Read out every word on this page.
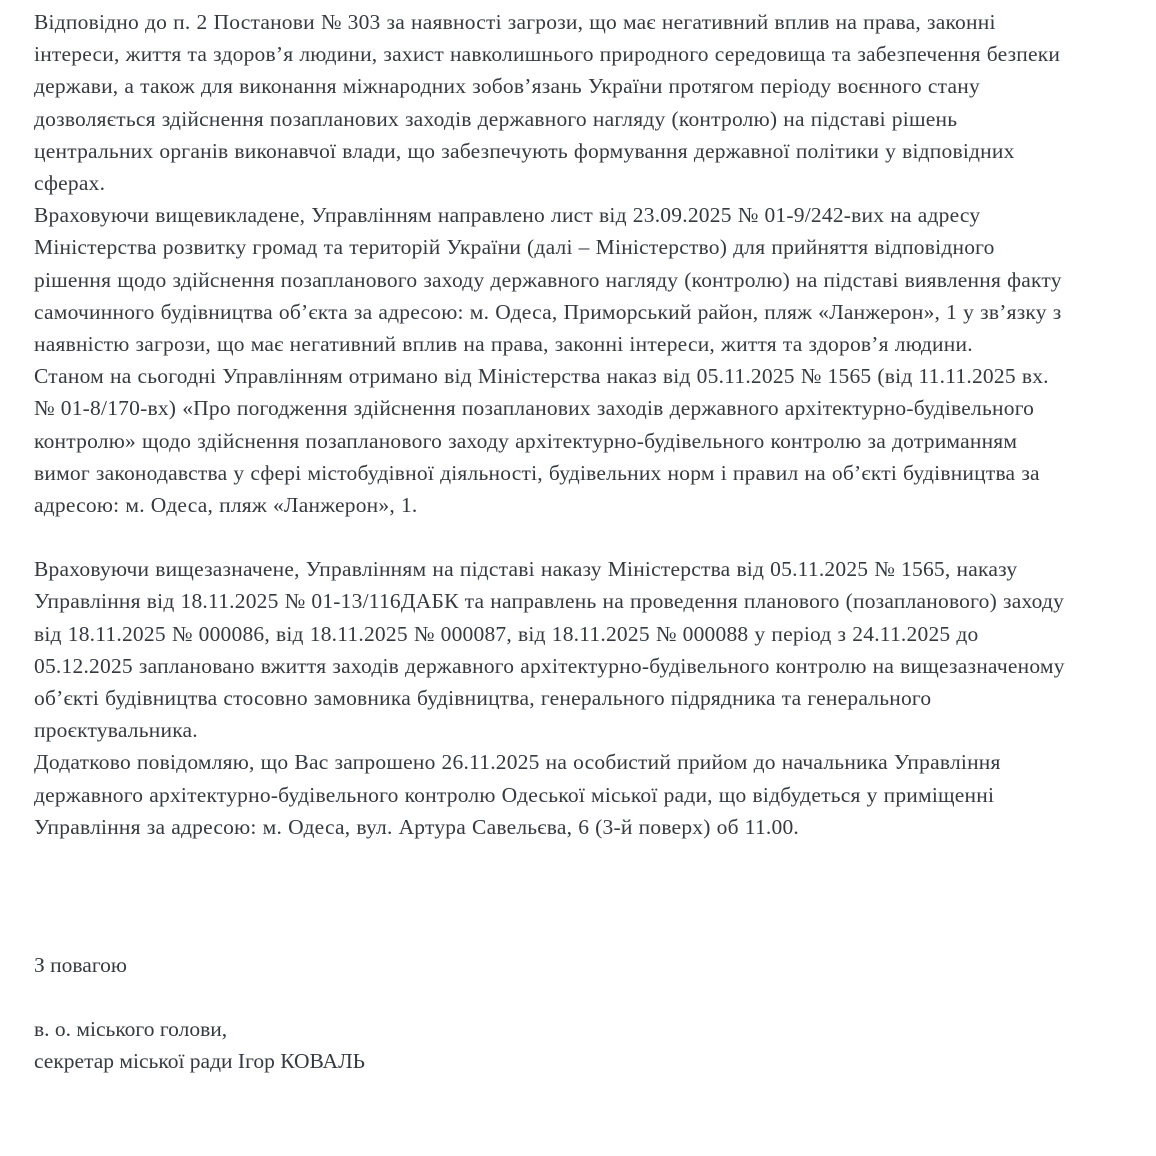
Відповідно до п. 2 Постанови № 303 за наявності загрози, що має негативний вплив на права, законні інтереси, життя та здоров’я людини, захист навколишнього природного середовища та забезпечення безпеки держави, а також для виконання міжнародних зобов’язань України протягом періоду воєнного стану дозволяється здійснення позапланових заходів державного нагляду (контролю) на підставі рішень центральних органів виконавчої влади, що забезпечують формування державної політики у відповідних сферах.

Враховуючи вищевикладене, Управлінням направлено лист від 23.09.2025 № 01-9/242-вих на адресу Міністерства розвитку громад та територій України (далі – Міністерство) для прийняття відповідного рішення щодо здійснення позапланового заходу державного нагляду (контролю) на підставі виявлення факту самочинного будівництва об’єкта за адресою: м. Одеса, Приморський район, пляж «Ланжерон», 1 у зв’язку з наявністю загрози, що має негативний вплив на права, законні інтереси, життя та здоров’я людини.

Станом на сьогодні Управлінням отримано від Міністерства наказ від 05.11.2025 № 1565 (від 11.11.2025 вх. № 01-8/170-вх) «Про погодження здійснення позапланових заходів державного архітектурно-будівельного контролю» щодо здійснення позапланового заходу архітектурно-будівельного контролю за дотриманням вимог законодавства у сфері містобудівної діяльності, будівельних норм і правил на об’єкті будівництва за адресою: м. Одеса, пляж «Ланжерон», 1.

Враховуючи вищезазначене, Управлінням на підставі наказу Міністерства від 05.11.2025 № 1565, наказу Управління від 18.11.2025 № 01-13/116ДАБК та направлень на проведення планового (позапланового) заходу від 18.11.2025 № 000086, від 18.11.2025 № 000087, від 18.11.2025 № 000088 у період з 24.11.2025 до 05.12.2025 заплановано вжиття заходів державного архітектурно-будівельного контролю на вищезазначеному об’єкті будівництва стосовно замовника будівництва, генерального підрядника та генерального проєктувальника.

Додатково повідомляю, що Вас запрошено 26.11.2025 на особистий прийом до начальника Управління державного архітектурно-будівельного контролю Одеської міської ради, що відбудеться у приміщенні Управління за адресою: м. Одеса, вул. Артура Савельєва, 6 (3-й поверх) об 11.00.

З повагою

в. о. міського голови,
секретар міської ради Ігор КОВАЛЬ
